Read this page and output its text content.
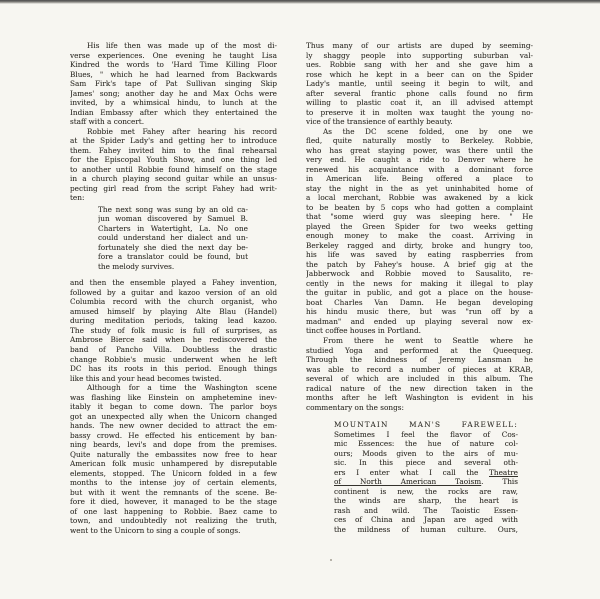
His life then was made up of the most di-
verse experiences. One evening he taught Lisa
Kindred the words to 'Hard Time Killing Floor
Blues, " which he had learned from Backwards
Sam Firk's tape of Pat Sullivan singing Skip
James' song; another day he and Max Ochs were
invited, by a whimsical hindu, to lunch at the
Indian Embassy after which they entertained the
staff with a concert.
Robbie met Fahey after hearing his record
at the Spider Lady's and getting her to introduce
them. Fahey invited him to the final rehearsal
for the Episcopal Youth Show, and one thing led
to another until Robbie found himself on the stage
in a church playing second guitar while an unsus-
pecting girl read from the script Fahey had writ-
ten:
The next song was sung by an old ca-
jun woman discovered by Samuel B.
Charters in Watertight, La. No one
could understand her dialect and un-
fortunately she died the next day be-
fore a translator could be found, but
the melody survives.
and then the ensemble played a Fahey invention,
followed by a guitar and kazoo version of an old
Columbia record with the church organist, who
amused himself by playing Alte Blau (Handel)
during meditation periods, taking lead kazoo.
The study of folk music is full of surprises, as
Ambrose Bierce said when he rediscovered the
band of Pancho Villa. Doubtless the drastic
change Robbie's music underwent when he left
DC has its roots in this period. Enough things
like this and your head becomes twisted.
Although for a time the Washington scene
was flashing like Einstein on amphetemine inev-
itably it began to come down. The parlor boys
got an unexpected ally when the Unicorn changed
hands. The new owner decided to attract the em-
bassy crowd. He effected his enticement by ban-
ning beards, levi's and dope from the premises.
Quite naturally the embassites now free to hear
American folk music unhampered by disreputable
elements, stopped. The Unicorn folded in a few
months to the intense joy of certain elements,
but with it went the remnants of the scene. Be-
fore it died, however, it managed to be the stage
of one last happening to Robbie. Baez came to
town, and undoubtedly not realizing the truth,
went to the Unicorn to sing a couple of songs.
Thus many of our artists are duped by seeming-
ly shaggy people into supporting suburban val-
ues. Robbie sang with her and she gave him a
rose which he kept in a beer can on the Spider
Lady's mantle, until seeing it begin to wilt, and
after several frantic phone calls found no firm
willing to plastic coat it, an ill advised attempt
to preserve it in molten wax taught the young no-
vice of the transience of earthly beauty.
As the DC scene folded, one by one we
fled, quite naturally mostly to Berkeley. Robbie,
who has great staying power, was there until the
very end. He caught a ride to Denver where he
renewed his acquaintance with a dominant force
in American life. Being offered a place to
stay the night in the as yet uninhabited home of
a local merchant, Robbie was awakened by a kick
to be beaten by 5 cops who had gotten a complaint
that "some wierd guy was sleeping here. " He
played the Green Spider for two weeks getting
enough money to make the coast. Arriving in
Berkeley ragged and dirty, broke and hungry too,
his life was saved by eating raspberries from
the patch by Fahey's house. A brief gig at the
Jabberwock and Robbie moved to Sausalito, re-
cently in the news for making it illegal to play
the guitar in public, and got a place on the house-
boat Charles Van Damn. He began developing
his hindu music there, but was "run off by a
madman" and ended up playing several now ex-
tinct coffee houses in Portland.
From there he went to Seattle where he
studied Yoga and performed at the Queequeg.
Through the kindness of Jeremy Lansman he
was able to record a number of pieces at KRAB,
several of which are included in this album. The
radical nature of the new direction taken in the
months after he left Washington is evident in his
commentary on the songs:
MOUNTAIN MAN'S FAREWELL:
Sometimes I feel the flavor of Cos-
mic Essences: the hue of nature col-
ours; Moods given to the airs of mu-
sic. In this piece and several oth-
ers I enter what I call the Theatre
of North American Taoism. This
continent is new, the rocks are raw,
the winds are sharp, the heart is
rash and wild. The Taoistic Essen-
ces of China and Japan are aged with
the mildness of human culture. Ours,
